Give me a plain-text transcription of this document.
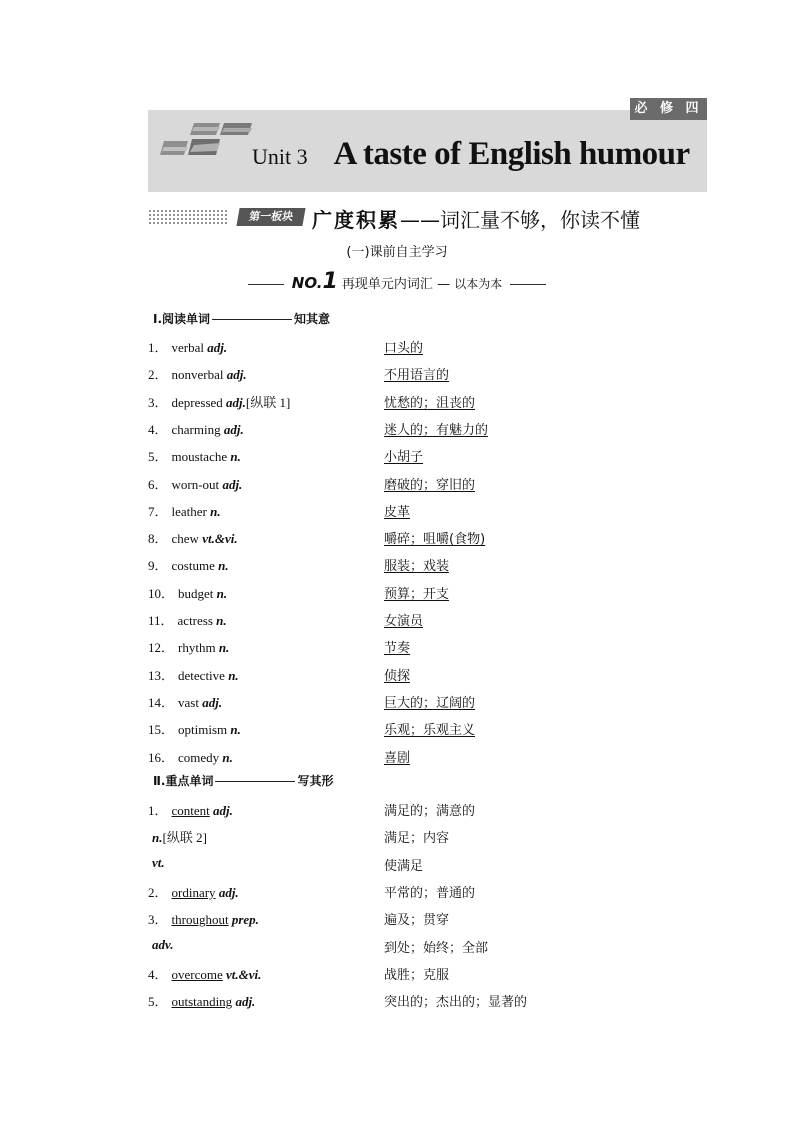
必 修 四
Unit 3 A taste of English humour
第一板块 广度积累——词汇量不够，你读不懂
(一)课前自主学习
NO.1 再现单元内词汇 — 以本为本
Ⅰ.阅读单词	知其意
1． verbal adj.	口头的
2． nonverbal adj.	不用语言的
3． depressed adj.[纵联 1]	忧愁的；沮丧的
4． charming adj.	迷人的；有魅力的
5． moustache n.	小胡子
6． worn-out adj.	磨破的；穿旧的
7． leather n.	皮革
8． chew vt.&vi.	嚼碎；咀嚼(食物)
9． costume n.	服装；戏装
10． budget n.	预算；开支
11． actress n.	女演员
12． rhythm n.	节奏
13． detective n.	侦探
14． vast adj.	巨大的；辽阔的
15． optimism n.	乐观；乐观主义
16． comedy n.	喜剧
Ⅱ.重点单词	写其形
1． content adj.	满足的；满意的
n.[纵联 2]	满足；内容
vt.	使满足
2． ordinary adj.	平常的；普通的
3． throughout prep.	遍及；贯穿
adv.	到处；始终；全部
4． overcome vt.&vi.	战胜；克服
5． outstanding adj.	突出的；杰出的；显著的
